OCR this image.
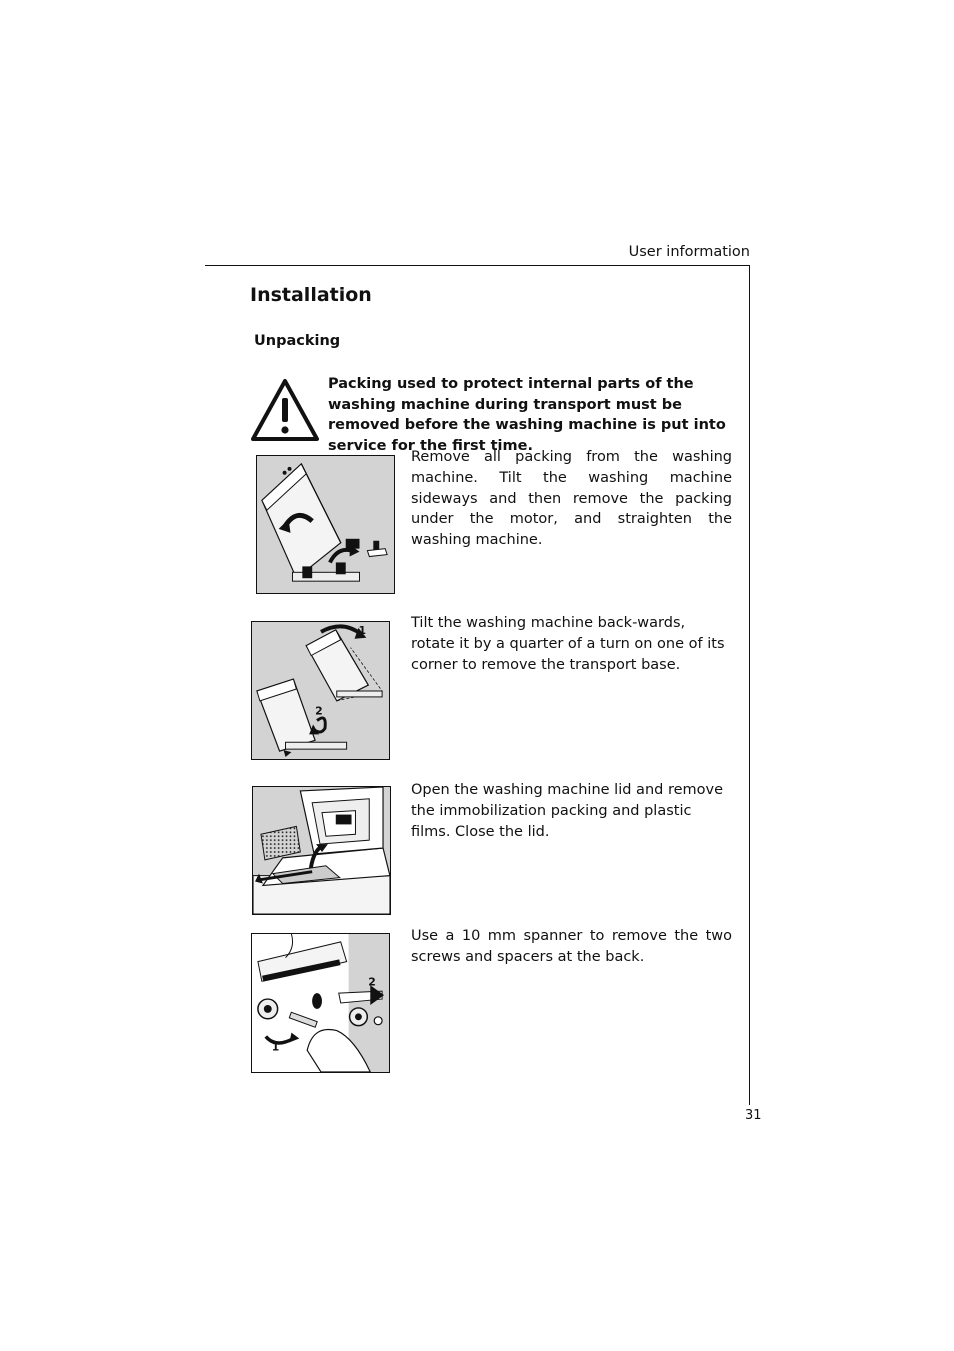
User information
31
Installation
Unpacking
Packing used to protect internal parts of the washing machine during transport must be removed before the washing machine is put into service for the first time.
Remove all packing from the washing machine. Tilt the washing machine sideways and then remove the packing under the motor, and straighten the washing machine.
1
2
Tilt the washing machine back-wards, rotate it by a quarter of a turn on one of its corner to remove the transport base.
Open the washing machine lid and remove the immobilization packing and plastic films. Close the lid.
2
1
Use a 10 mm spanner to remove the two screws and spacers at the back.
